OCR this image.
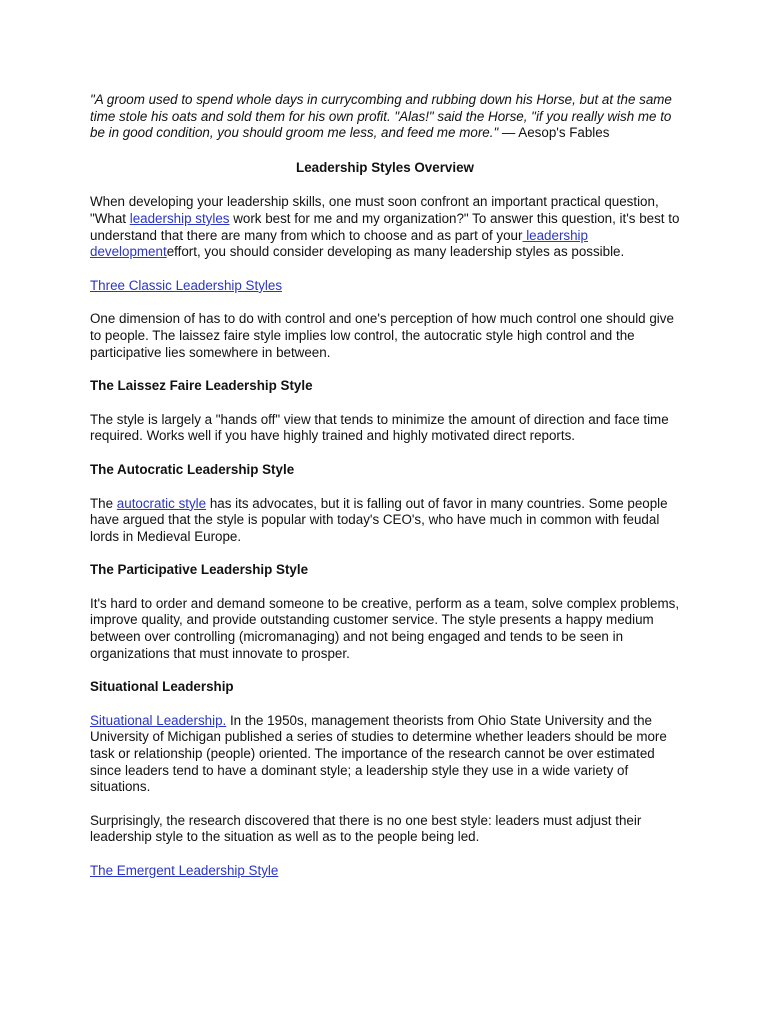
"A groom used to spend whole days in currycombing and rubbing down his Horse, but at the same time stole his oats and sold them for his own profit. "Alas!" said the Horse, "if you really wish me to be in good condition, you should groom me less, and feed me more." — Aesop's Fables

Leadership Styles Overview

When developing your leadership skills, one must soon confront an important practical question, "What leadership styles work best for me and my organization?" To answer this question, it's best to understand that there are many from which to choose and as part of your leadership developmenteffort, you should consider developing as many leadership styles as possible.

Three Classic Leadership Styles

One dimension of has to do with control and one's perception of how much control one should give to people. The laissez faire style implies low control, the autocratic style high control and the participative lies somewhere in between.

The Laissez Faire Leadership Style

The style is largely a "hands off" view that tends to minimize the amount of direction and face time required. Works well if you have highly trained and highly motivated direct reports.

The Autocratic Leadership Style

The autocratic style has its advocates, but it is falling out of favor in many countries. Some people have argued that the style is popular with today's CEO's, who have much in common with feudal lords in Medieval Europe.

The Participative Leadership Style

It's hard to order and demand someone to be creative, perform as a team, solve complex problems, improve quality, and provide outstanding customer service. The style presents a happy medium between over controlling (micromanaging) and not being engaged and tends to be seen in organizations that must innovate to prosper.

Situational Leadership

Situational Leadership. In the 1950s, management theorists from Ohio State University and the University of Michigan published a series of studies to determine whether leaders should be more task or relationship (people) oriented. The importance of the research cannot be over estimated since leaders tend to have a dominant style; a leadership style they use in a wide variety of situations.

Surprisingly, the research discovered that there is no one best style: leaders must adjust their leadership style to the situation as well as to the people being led.

The Emergent Leadership Style
